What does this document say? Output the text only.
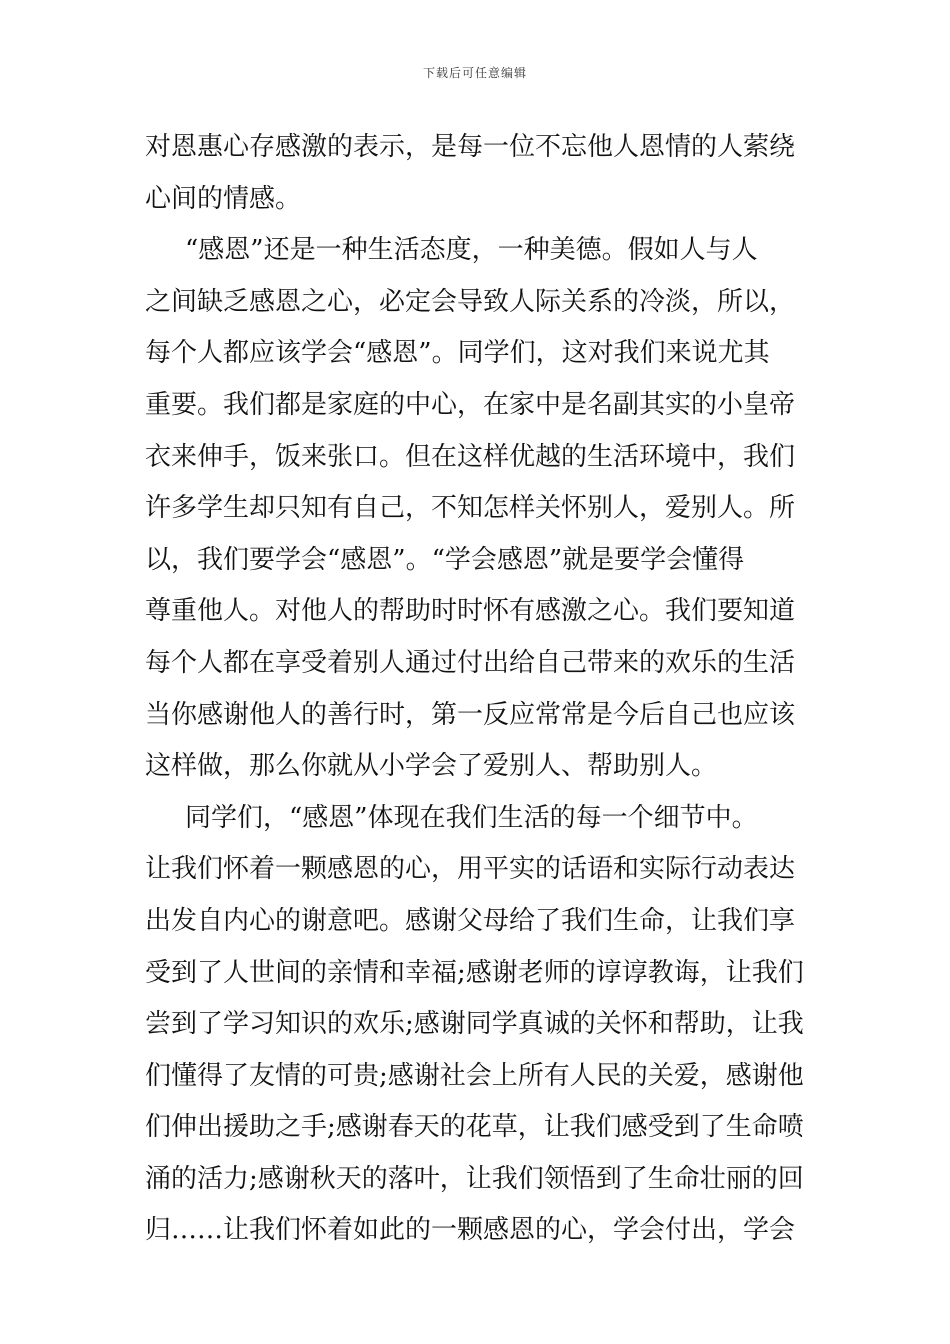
下载后可任意编辑
对恩惠心存感激的表示，是每一位不忘他人恩情的人萦绕
心间的情感。
“感恩”还是一种生活态度，一种美德。假如人与人
之间缺乏感恩之心，必定会导致人际关系的冷淡，所以，
每个人都应该学会“感恩”。同学们，这对我们来说尤其
重要。我们都是家庭的中心，在家中是名副其实的小皇帝
衣来伸手，饭来张口。但在这样优越的生活环境中，我们
许多学生却只知有自己，不知怎样关怀别人，爱别人。所
以，我们要学会“感恩”。“学会感恩”就是要学会懂得
尊重他人。对他人的帮助时时怀有感激之心。我们要知道
每个人都在享受着别人通过付出给自己带来的欢乐的生活
当你感谢他人的善行时，第一反应常常是今后自己也应该
这样做，那么你就从小学会了爱别人、帮助别人。
同学们，“感恩”体现在我们生活的每一个细节中。
让我们怀着一颗感恩的心，用平实的话语和实际行动表达
出发自内心的谢意吧。感谢父母给了我们生命，让我们享
受到了人世间的亲情和幸福;感谢老师的谆谆教诲，让我们
尝到了学习知识的欢乐;感谢同学真诚的关怀和帮助，让我
们懂得了友情的可贵;感谢社会上所有人民的关爱，感谢他
们伸出援助之手;感谢春天的花草，让我们感受到了生命喷
涌的活力;感谢秋天的落叶，让我们领悟到了生命壮丽的回
归……让我们怀着如此的一颗感恩的心，学会付出，学会
